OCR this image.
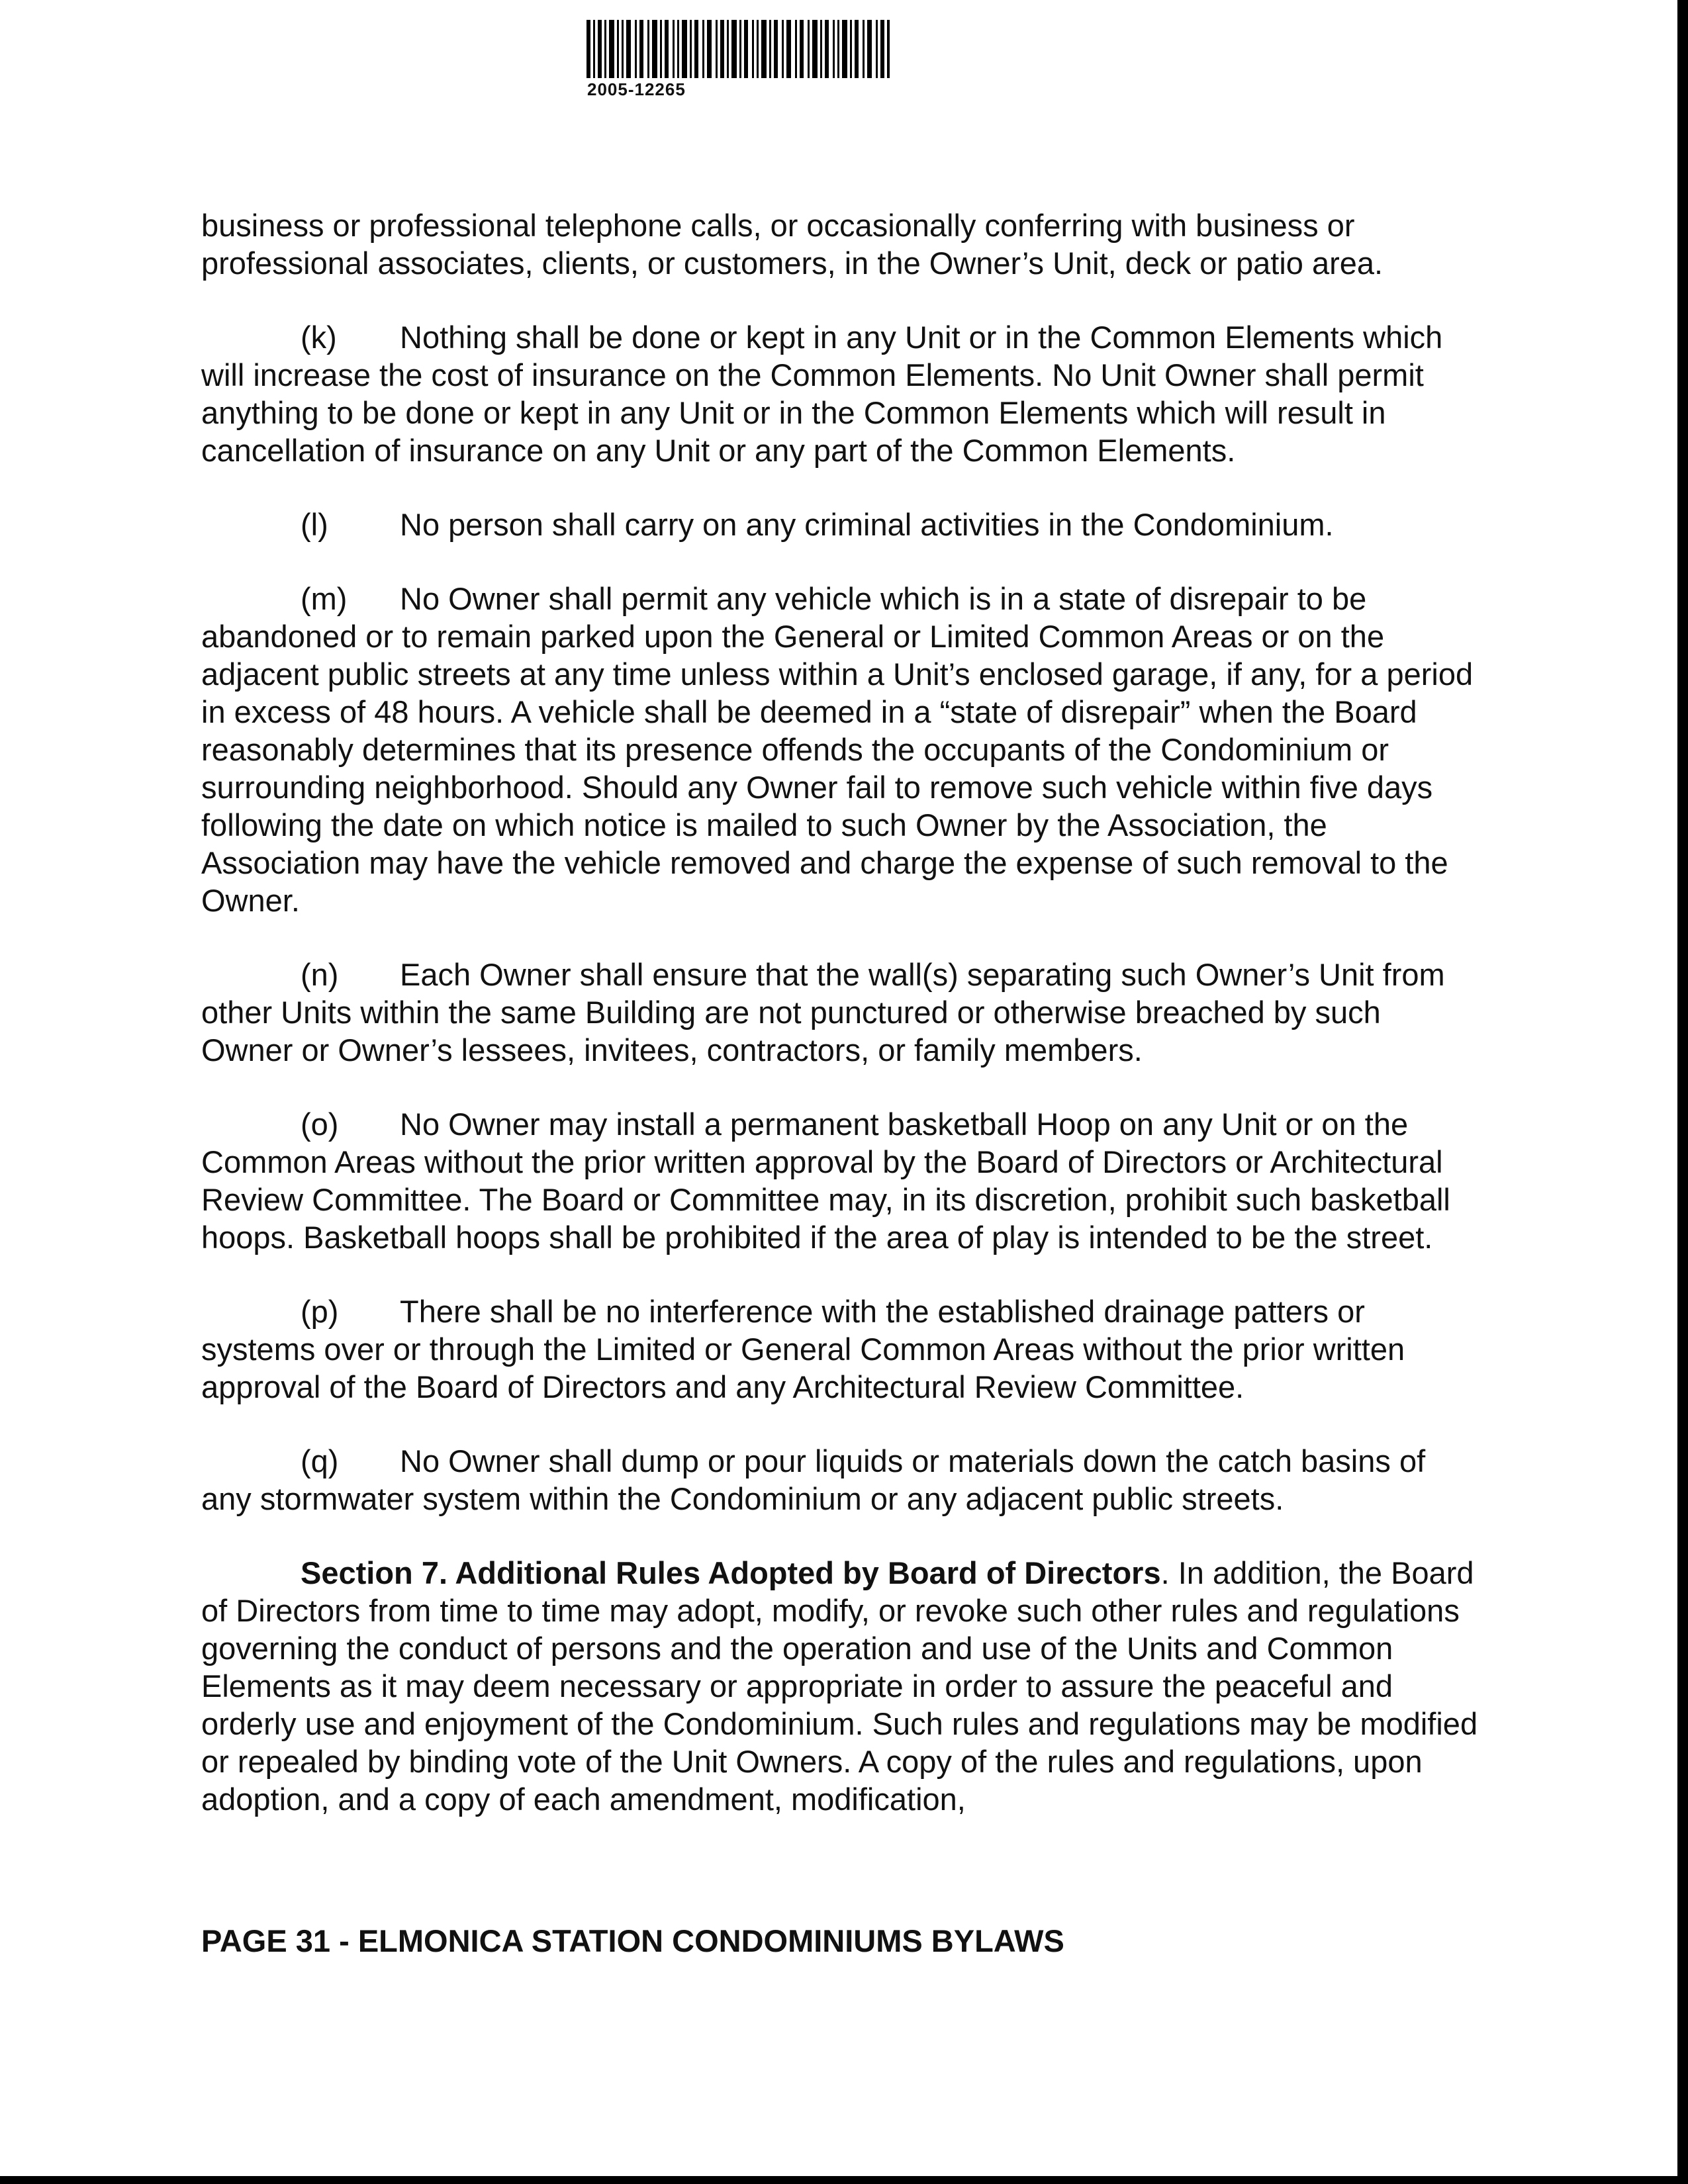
2005-12265

business or professional telephone calls, or occasionally conferring with business or professional associates, clients, or customers, in the Owner’s Unit, deck or patio area.

(k) Nothing shall be done or kept in any Unit or in the Common Elements which will increase the cost of insurance on the Common Elements. No Unit Owner shall permit anything to be done or kept in any Unit or in the Common Elements which will result in cancellation of insurance on any Unit or any part of the Common Elements.

(l) No person shall carry on any criminal activities in the Condominium.

(m) No Owner shall permit any vehicle which is in a state of disrepair to be abandoned or to remain parked upon the General or Limited Common Areas or on the adjacent public streets at any time unless within a Unit’s enclosed garage, if any, for a period in excess of 48 hours. A vehicle shall be deemed in a “state of disrepair” when the Board reasonably determines that its presence offends the occupants of the Condominium or surrounding neighborhood. Should any Owner fail to remove such vehicle within five days following the date on which notice is mailed to such Owner by the Association, the Association may have the vehicle removed and charge the expense of such removal to the Owner.

(n) Each Owner shall ensure that the wall(s) separating such Owner’s Unit from other Units within the same Building are not punctured or otherwise breached by such Owner or Owner’s lessees, invitees, contractors, or family members.

(o) No Owner may install a permanent basketball Hoop on any Unit or on the Common Areas without the prior written approval by the Board of Directors or Architectural Review Committee. The Board or Committee may, in its discretion, prohibit such basketball hoops. Basketball hoops shall be prohibited if the area of play is intended to be the street.

(p) There shall be no interference with the established drainage patters or systems over or through the Limited or General Common Areas without the prior written approval of the Board of Directors and any Architectural Review Committee.

(q) No Owner shall dump or pour liquids or materials down the catch basins of any stormwater system within the Condominium or any adjacent public streets.

Section 7. Additional Rules Adopted by Board of Directors. In addition, the Board of Directors from time to time may adopt, modify, or revoke such other rules and regulations governing the conduct of persons and the operation and use of the Units and Common Elements as it may deem necessary or appropriate in order to assure the peaceful and orderly use and enjoyment of the Condominium. Such rules and regulations may be modified or repealed by binding vote of the Unit Owners. A copy of the rules and regulations, upon adoption, and a copy of each amendment, modification,

PAGE 31 - ELMONICA STATION CONDOMINIUMS BYLAWS
